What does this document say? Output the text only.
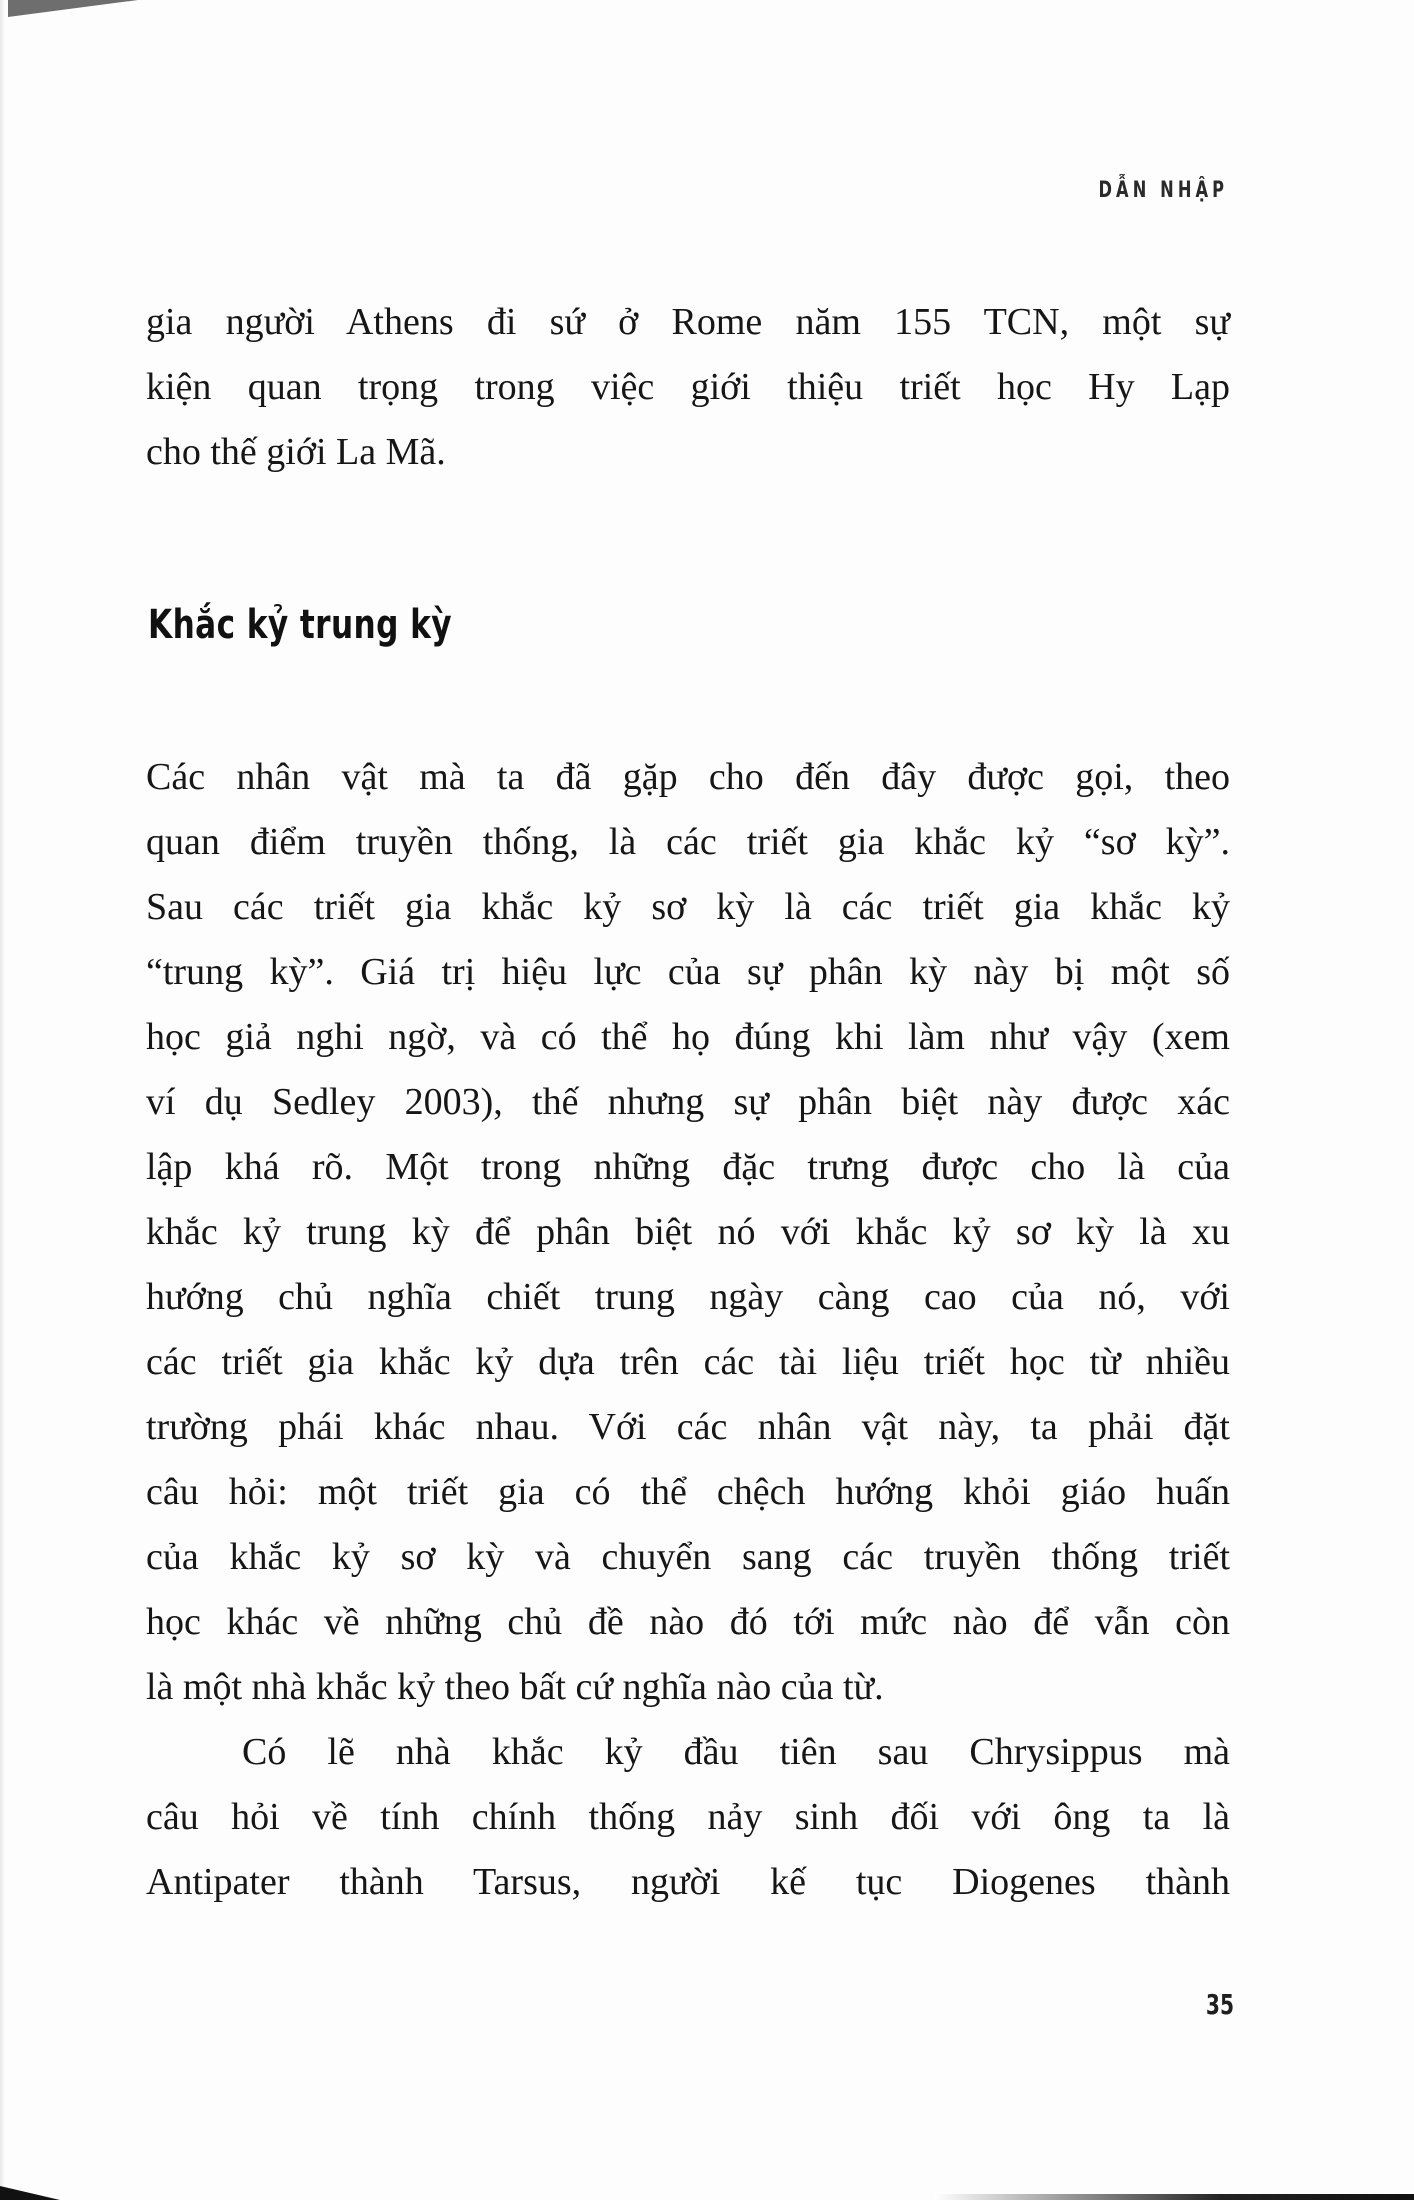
DẪN NHẬP
gia người Athens đi sứ ở Rome năm 155 TCN, một sự
kiện quan trọng trong việc giới thiệu triết học Hy Lạp
cho thế giới La Mã.
Khắc kỷ trung kỳ
Các nhân vật mà ta đã gặp cho đến đây được gọi, theo
quan điểm truyền thống, là các triết gia khắc kỷ “sơ kỳ”.
Sau các triết gia khắc kỷ sơ kỳ là các triết gia khắc kỷ
“trung kỳ”. Giá trị hiệu lực của sự phân kỳ này bị một số
học giả nghi ngờ, và có thể họ đúng khi làm như vậy (xem
ví dụ Sedley 2003), thế nhưng sự phân biệt này được xác
lập khá rõ. Một trong những đặc trưng được cho là của
khắc kỷ trung kỳ để phân biệt nó với khắc kỷ sơ kỳ là xu
hướng chủ nghĩa chiết trung ngày càng cao của nó, với
các triết gia khắc kỷ dựa trên các tài liệu triết học từ nhiều
trường phái khác nhau. Với các nhân vật này, ta phải đặt
câu hỏi: một triết gia có thể chệch hướng khỏi giáo huấn
của khắc kỷ sơ kỳ và chuyển sang các truyền thống triết
học khác về những chủ đề nào đó tới mức nào để vẫn còn
là một nhà khắc kỷ theo bất cứ nghĩa nào của từ.
Có lẽ nhà khắc kỷ đầu tiên sau Chrysippus mà
câu hỏi về tính chính thống nảy sinh đối với ông ta là
Antipater thành Tarsus, người kế tục Diogenes thành
35
